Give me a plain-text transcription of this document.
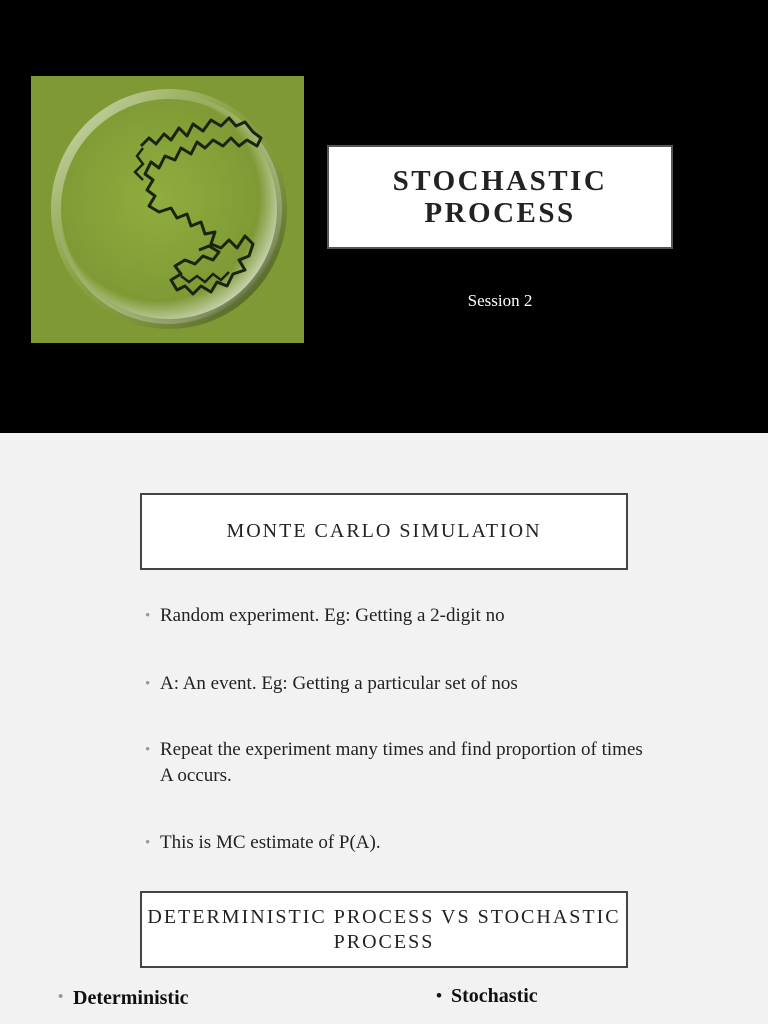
STOCHASTIC PROCESS
Session 2
MONTE CARLO SIMULATION
• Random experiment. Eg: Getting a 2-digit no
• A: An event. Eg: Getting a particular set of nos
• Repeat the experiment many times and find proportion of times A occurs.
• This is MC estimate of P(A).
DETERMINISTIC PROCESS VS STOCHASTIC PROCESS
• Deterministic
•	Stochastic
